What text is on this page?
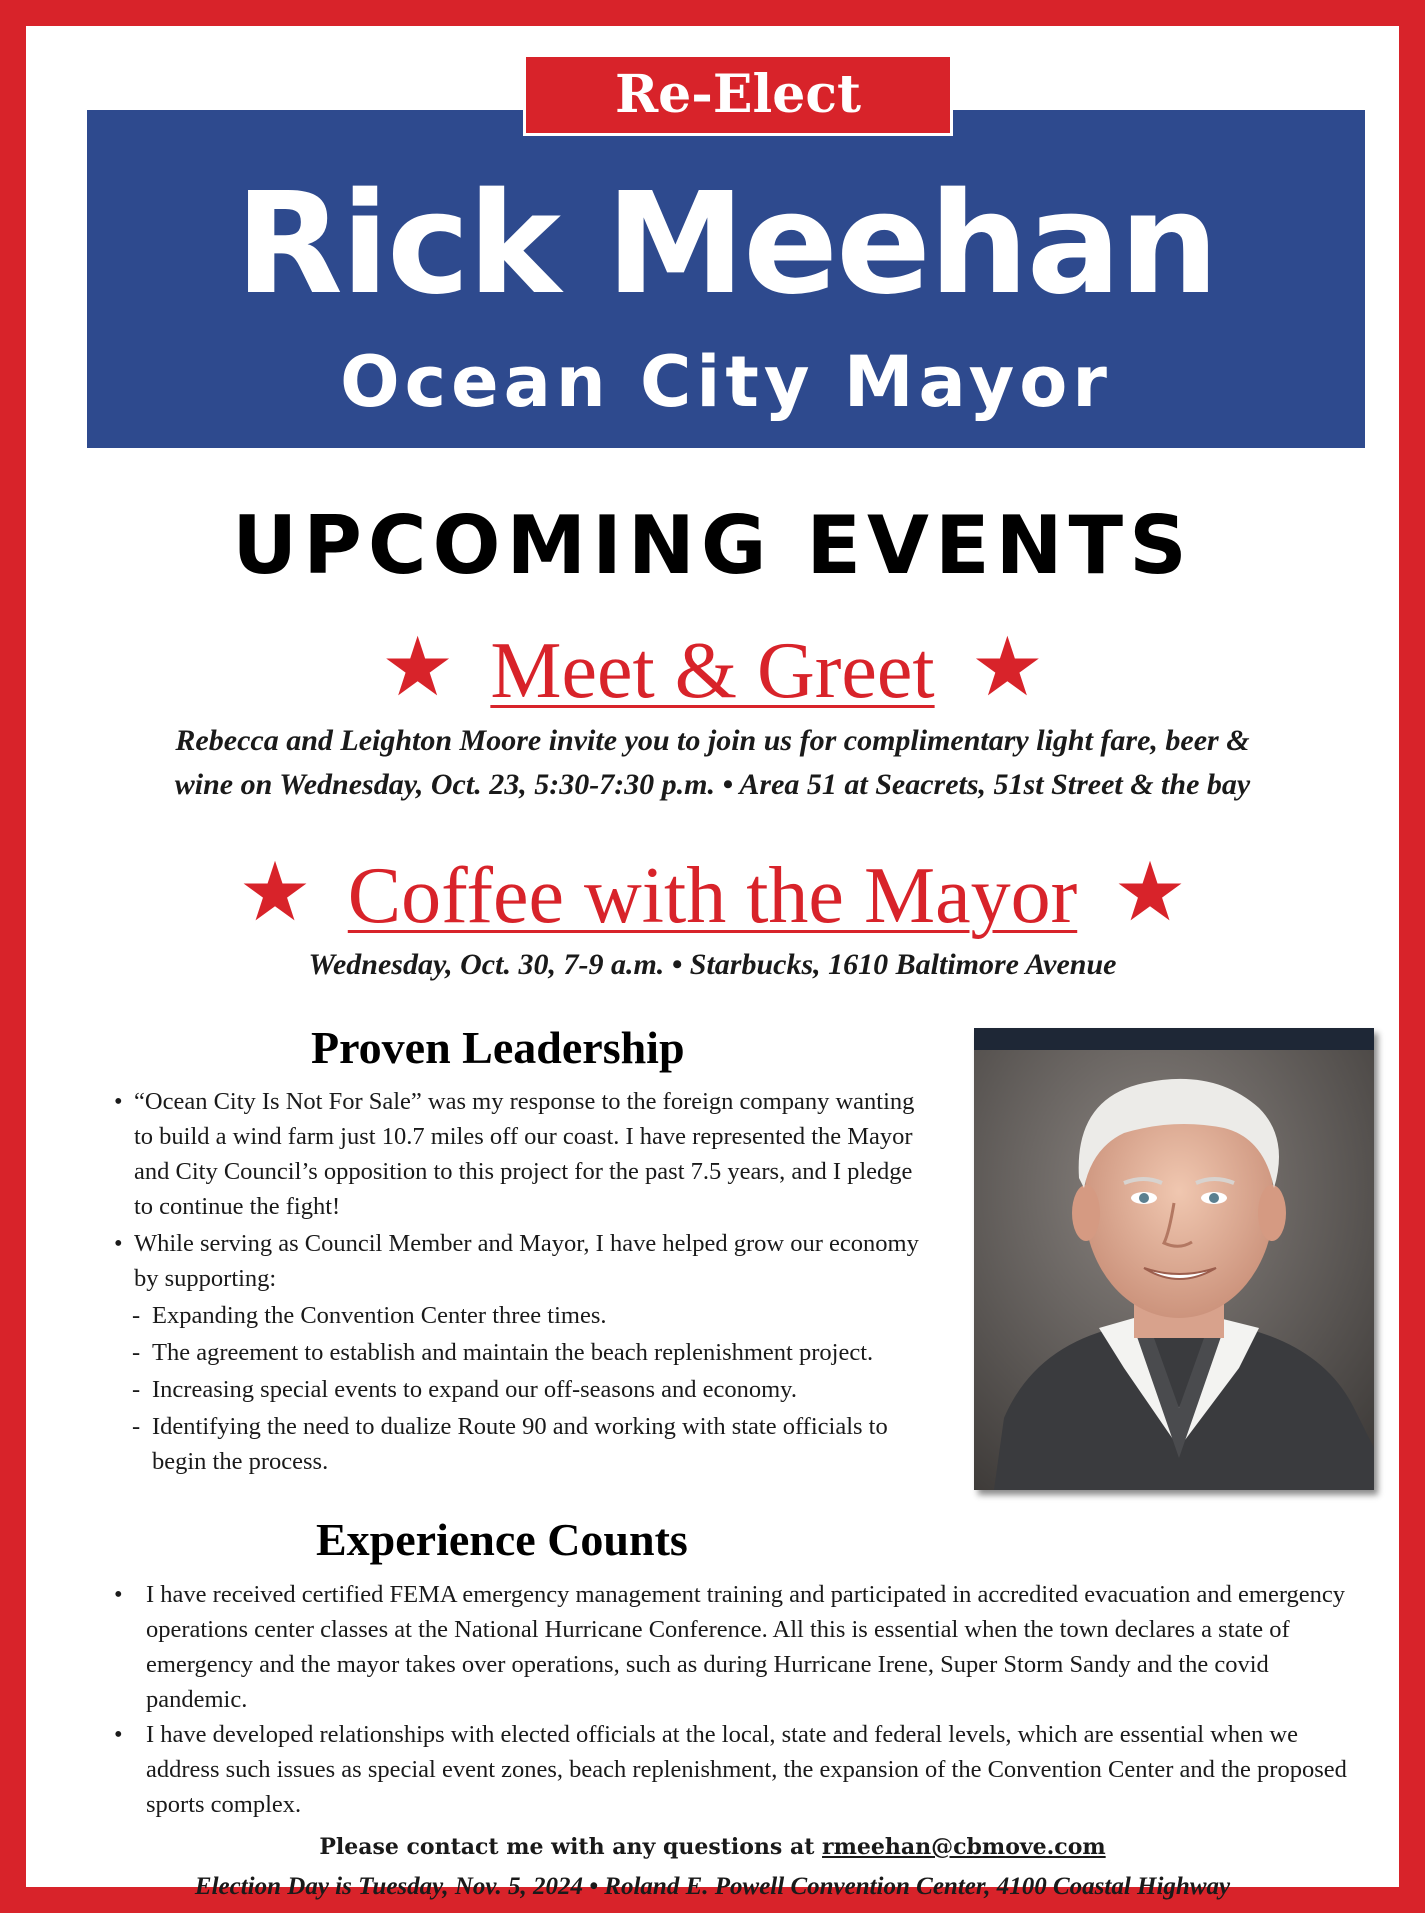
Rick Meehan
Ocean City Mayor
Re-Elect
UPCOMING EVENTS
★ Meet & Greet ★
Rebecca and Leighton Moore invite you to join us for complimentary light fare, beer &
wine on Wednesday, Oct. 23, 5:30-7:30 p.m. • Area 51 at Seacrets, 51st Street & the bay
★ Coffee with the Mayor ★
Wednesday, Oct. 30, 7-9 a.m. • Starbucks, 1610 Baltimore Avenue
Proven Leadership
• “Ocean City Is Not For Sale” was my response to the foreign company wanting to build a wind farm just 10.7 miles off our coast. I have represented the Mayor and City Council’s opposition to this project for the past 7.5 years, and I pledge to continue the fight!
• While serving as Council Member and Mayor, I have helped grow our economy by supporting:
- Expanding the Convention Center three times.
- The agreement to establish and maintain the beach replenishment project.
- Increasing special events to expand our off-seasons and economy.
- Identifying the need to dualize Route 90 and working with state officials to begin the process.
Experience Counts
• I have received certified FEMA emergency management training and participated in accredited evacuation and emergency operations center classes at the National Hurricane Conference. All this is essential when the town declares a state of emergency and the mayor takes over operations, such as during Hurricane Irene, Super Storm Sandy and the covid pandemic.
• I have developed relationships with elected officials at the local, state and federal levels, which are essential when we address such issues as special event zones, beach replenishment, the expansion of the Convention Center and the proposed sports complex.
Please contact me with any questions at rmeehan@cbmove.com
Election Day is Tuesday, Nov. 5, 2024 • Roland E. Powell Convention Center, 4100 Coastal Highway
